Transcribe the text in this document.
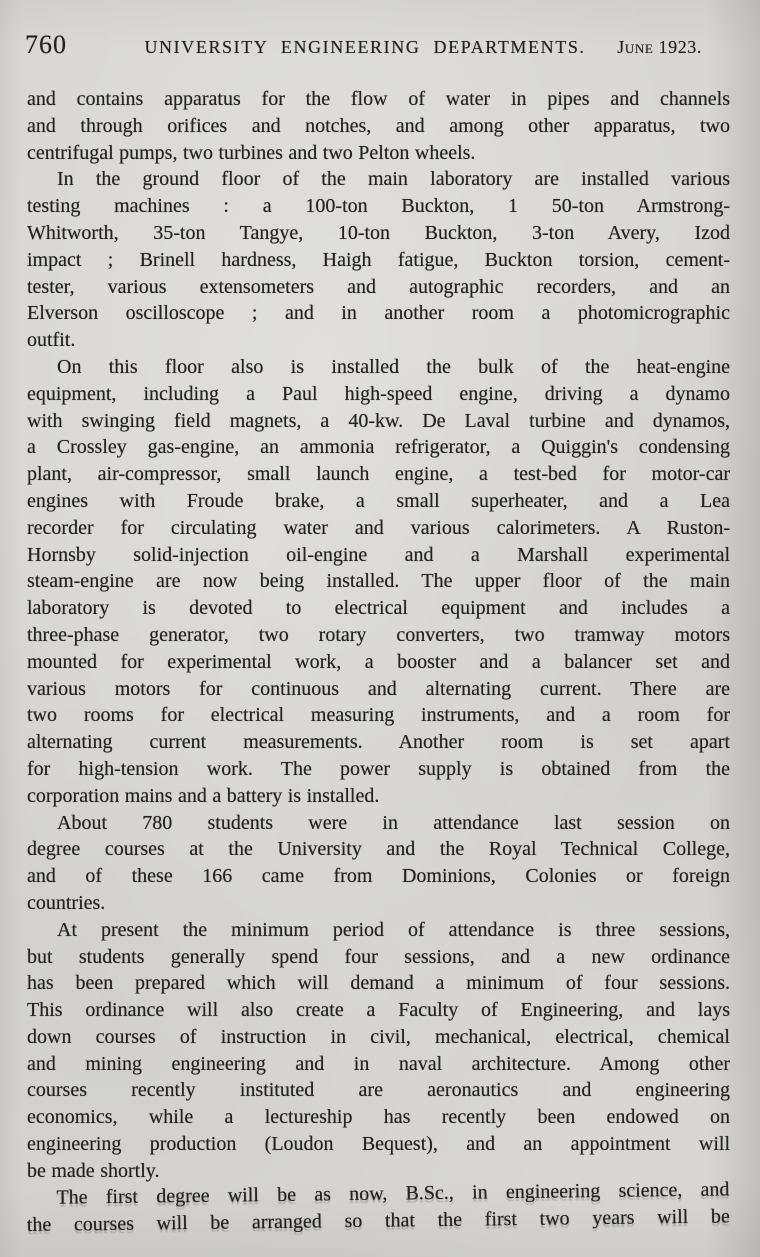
760	UNIVERSITY ENGINEERING DEPARTMENTS.	June 1923.
and contains apparatus for the flow of water in pipes and channels
and through orifices and notches, and among other apparatus, two
centrifugal pumps, two turbines and two Pelton wheels.
In the ground floor of the main laboratory are installed various
testing machines : a 100-ton Buckton, 1 50-ton Armstrong-
Whitworth, 35-ton Tangye, 10-ton Buckton, 3-ton Avery, Izod
impact ; Brinell hardness, Haigh fatigue, Buckton torsion, cement-
tester, various extensometers and autographic recorders, and an
Elverson oscilloscope ; and in another room a photomicrographic
outfit.
On this floor also is installed the bulk of the heat-engine
equipment, including a Paul high-speed engine, driving a dynamo
with swinging field magnets, a 40-kw. De Laval turbine and dynamos,
a Crossley gas-engine, an ammonia refrigerator, a Quiggin's condensing
plant, air-compressor, small launch engine, a test-bed for motor-car
engines with Froude brake, a small superheater, and a Lea
recorder for circulating water and various calorimeters. A Ruston-
Hornsby solid-injection oil-engine and a Marshall experimental
steam-engine are now being installed. The upper floor of the main
laboratory is devoted to electrical equipment and includes a
three-phase generator, two rotary converters, two tramway motors
mounted for experimental work, a booster and a balancer set and
various motors for continuous and alternating current. There are
two rooms for electrical measuring instruments, and a room for
alternating current measurements. Another room is set apart
for high-tension work. The power supply is obtained from the
corporation mains and a battery is installed.
About 780 students were in attendance last session on
degree courses at the University and the Royal Technical College,
and of these 166 came from Dominions, Colonies or foreign
countries.
At present the minimum period of attendance is three sessions,
but students generally spend four sessions, and a new ordinance
has been prepared which will demand a minimum of four sessions.
This ordinance will also create a Faculty of Engineering, and lays
down courses of instruction in civil, mechanical, electrical, chemical
and mining engineering and in naval architecture. Among other
courses recently instituted are aeronautics and engineering
economics, while a lectureship has recently been endowed on
engineering production (Loudon Bequest), and an appointment will
be made shortly.
The first degree will be as now, B.Sc., in engineering science, and
the courses will be arranged so that the first two years will be
